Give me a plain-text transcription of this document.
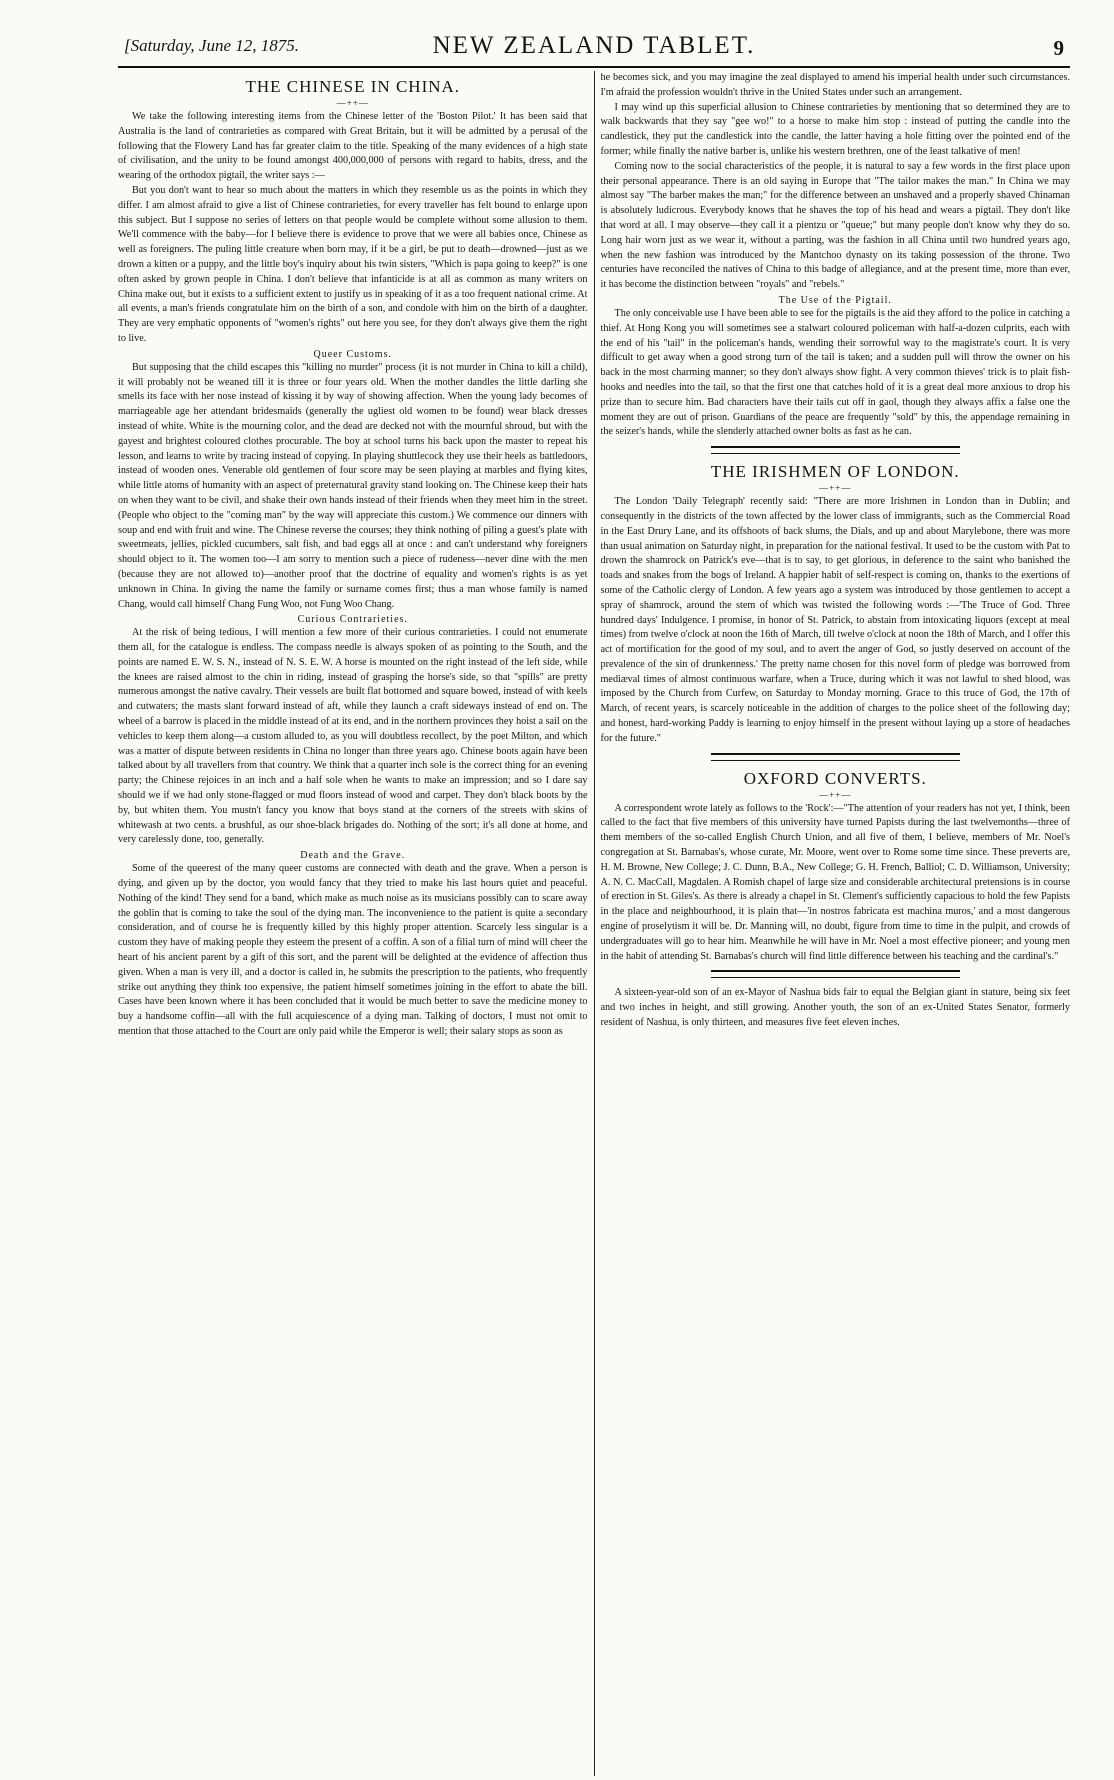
[Saturday, June 12, 1875.	NEW ZEALAND TABLET.	9
THE CHINESE IN CHINA.
—++—

We take the following interesting items from the Chinese letter of the 'Boston Pilot.' It has been said that Australia is the land of contrarieties as compared with Great Britain, but it will be admitted by a perusal of the following that the Flowery Land has far greater claim to the title. Speaking of the many evidences of a high state of civilisation, and the unity to be found amongst 400,000,000 of persons with regard to habits, dress, and the wearing of the orthodox pigtail, the writer says :—

But you don't want to hear so much about the matters in which they resemble us as the points in which they differ. I am almost afraid to give a list of Chinese contrarieties, for every traveller has felt bound to enlarge upon this subject. But I suppose no series of letters on that people would be complete without some allusion to them. We'll commence with the baby—for I believe there is evidence to prove that we were all babies once, Chinese as well as foreigners. The puling little creature when born may, if it be a girl, be put to death—drowned—just as we drown a kitten or a puppy, and the little boy's inquiry about his twin sisters, "Which is papa going to keep?" is one often asked by grown people in China. I don't believe that infanticide is at all as common as many writers on China make out, but it exists to a sufficient extent to justify us in speaking of it as a too frequent national crime. At all events, a man's friends congratulate him on the birth of a son, and condole with him on the birth of a daughter. They are very emphatic opponents of "women's rights" out here you see, for they don't always give them the right to live.

Queer Customs.

But supposing that the child escapes this "killing no murder" process (it is not murder in China to kill a child), it will probably not be weaned till it is three or four years old. When the mother dandles the little darling she smells its face with her nose instead of kissing it by way of showing affection. When the young lady becomes of marriageable age her attendant bridesmaids (generally the ugliest old women to be found) wear black dresses instead of white. White is the mourning color, and the dead are decked not with the mournful shroud, but with the gayest and brightest coloured clothes procurable. The boy at school turns his back upon the master to repeat his lesson, and learns to write by tracing instead of copying. In playing shuttlecock they use their heels as battledoors, instead of wooden ones. Venerable old gentlemen of four score may be seen playing at marbles and flying kites, while little atoms of humanity with an aspect of preternatural gravity stand looking on. The Chinese keep their hats on when they want to be civil, and shake their own hands instead of their friends when they meet him in the street. (People who object to the "coming man" by the way will appreciate this custom.) We commence our dinners with soup and end with fruit and wine. The Chinese reverse the courses; they think nothing of piling a guest's plate with sweetmeats, jellies, pickled cucumbers, salt fish, and bad eggs all at once : and can't understand why foreigners should object to it. The women too—I am sorry to mention such a piece of rudeness—never dine with the men (because they are not allowed to)—another proof that the doctrine of equality and women's rights is as yet unknown in China. In giving the name the family or surname comes first; thus a man whose family is named Chang, would call himself Chang Fung Woo, not Fung Woo Chang.

Curious Contrarieties.

At the risk of being tedious, I will mention a few more of their curious contrarieties. I could not enumerate them all, for the catalogue is endless. The compass needle is always spoken of as pointing to the South, and the points are named E. W. S. N., instead of N. S. E. W. A horse is mounted on the right instead of the left side, while the knees are raised almost to the chin in riding, instead of grasping the horse's side, so that "spills" are pretty numerous amongst the native cavalry. Their vessels are built flat bottomed and square bowed, instead of with keels and cutwaters; the masts slant forward instead of aft, while they launch a craft sideways instead of end on. The wheel of a barrow is placed in the middle instead of at its end, and in the northern provinces they hoist a sail on the vehicles to keep them along—a custom alluded to, as you will doubtless recollect, by the poet Milton, and which was a matter of dispute between residents in China no longer than three years ago. Chinese boots again have been talked about by all travellers from that country. We think that a quarter inch sole is the correct thing for an evening party; the Chinese rejoices in an inch and a half sole when he wants to make an impression; and so I dare say should we if we had only stone-flagged or mud floors instead of wood and carpet. They don't black boots by the by, but whiten them. You mustn't fancy you know that boys stand at the corners of the streets with skins of whitewash at two cents. a brushful, as our shoe-black brigades do. Nothing of the sort; it's all done at home, and very carelessly done, too, generally.

Death and the Grave.

Some of the queerest of the many queer customs are connected with death and the grave. When a person is dying, and given up by the doctor, you would fancy that they tried to make his last hours quiet and peaceful. Nothing of the kind! They send for a band, which make as much noise as its musicians possibly can to scare away the goblin that is coming to take the soul of the dying man. The inconvenience to the patient is quite a secondary consideration, and of course he is frequently killed by this highly proper attention. Scarcely less singular is a custom they have of making people they esteem the present of a coffin. A son of a filial turn of mind will cheer the heart of his ancient parent by a gift of this sort, and the parent will be delighted at the evidence of affection thus given. When a man is very ill, and a doctor is called in, he submits the prescription to the patients, who frequently strike out anything they think too expensive, the patient himself sometimes joining in the effort to abate the bill. Cases have been known where it has been concluded that it would be much better to save the medicine money to buy a handsome coffin—all with the full acquiescence of a dying man. Talking of doctors, I must not omit to mention that those attached to the Court are only paid while the Emperor is well; their salary stops as soon as

he becomes sick, and you may imagine the zeal displayed to amend his imperial health under such circumstances. I'm afraid the profession wouldn't thrive in the United States under such an arrangement.

I may wind up this superficial allusion to Chinese contrarieties by mentioning that so determined they are to walk backwards that they say "gee wo!" to a horse to make him stop : instead of putting the candle into the candlestick, they put the candlestick into the candle, the latter having a hole fitting over the pointed end of the former; while finally the native barber is, unlike his western brethren, one of the least talkative of men!

Coming now to the social characteristics of the people, it is natural to say a few words in the first place upon their personal appearance. There is an old saying in Europe that "The tailor makes the man." In China we may almost say "The barber makes the man;" for the difference between an unshaved and a properly shaved Chinaman is absolutely ludicrous. Everybody knows that he shaves the top of his head and wears a pigtail. They don't like that word at all. I may observe—they call it a pientzu or "queue;" but many people don't know why they do so. Long hair worn just as we wear it, without a parting, was the fashion in all China until two hundred years ago, when the new fashion was introduced by the Mantchoo dynasty on its taking possession of the throne. Two centuries have reconciled the natives of China to this badge of allegiance, and at the present time, more than ever, it has become the distinction between "royals" and "rebels."

The Use of the Pigtail.

The only conceivable use I have been able to see for the pigtails is the aid they afford to the police in catching a thief. At Hong Kong you will sometimes see a stalwart coloured policeman with half-a-dozen culprits, each with the end of his "tail" in the policeman's hands, wending their sorrowful way to the magistrate's court. It is very difficult to get away when a good strong turn of the tail is taken; and a sudden pull will throw the owner on his back in the most charming manner; so they don't always show fight. A very common thieves' trick is to plait fish-hooks and needles into the tail, so that the first one that catches hold of it is a great deal more anxious to drop his prize than to secure him. Bad characters have their tails cut off in gaol, though they always affix a false one the moment they are out of prison. Guardians of the peace are frequently "sold" by this, the appendage remaining in the seizer's hands, while the slenderly attached owner bolts as fast as he can.

THE IRISHMEN OF LONDON.
—++—

The London 'Daily Telegraph' recently said: "There are more Irishmen in London than in Dublin; and consequently in the districts of the town affected by the lower class of immigrants, such as the Commercial Road in the East Drury Lane, and its offshoots of back slums, the Dials, and up and about Marylebone, there was more than usual animation on Saturday night, in preparation for the national festival. It used to be the custom with Pat to drown the shamrock on Patrick's eve—that is to say, to get glorious, in deference to the saint who banished the toads and snakes from the bogs of Ireland. A happier habit of self-respect is coming on, thanks to the exertions of some of the Catholic clergy of London. A few years ago a system was introduced by those gentlemen to accept a spray of shamrock, around the stem of which was twisted the following words :—'The Truce of God. Three hundred days' Indulgence. I promise, in honor of St. Patrick, to abstain from intoxicating liquors (except at meal times) from twelve o'clock at noon the 16th of March, till twelve o'clock at noon the 18th of March, and I offer this act of mortification for the good of my soul, and to avert the anger of God, so justly deserved on account of the prevalence of the sin of drunkenness.' The pretty name chosen for this novel form of pledge was borrowed from mediæval times of almost continuous warfare, when a Truce, during which it was not lawful to shed blood, was imposed by the Church from Curfew, on Saturday to Monday morning. Grace to this truce of God, the 17th of March, of recent years, is scarcely noticeable in the addition of charges to the police sheet of the following day; and honest, hard-working Paddy is learning to enjoy himself in the present without laying up a store of headaches for the future."

OXFORD CONVERTS.
—++—

A correspondent wrote lately as follows to the 'Rock':—"The attention of your readers has not yet, I think, been called to the fact that five members of this university have turned Papists during the last twelvemonths—three of them members of the so-called English Church Union, and all five of them, I believe, members of Mr. Noel's congregation at St. Barnabas's, whose curate, Mr. Moore, went over to Rome some time since. These preverts are, H. M. Browne, New College; J. C. Dunn, B.A., New College; G. H. French, Balliol; C. D. Williamson, University; A. N. C. MacCall, Magdalen. A Romish chapel of large size and considerable architectural pretensions is in course of erection in St. Giles's. As there is already a chapel in St. Clement's sufficiently capacious to hold the few Papists in the place and neighbourhood, it is plain that—'in nostros fabricata est machina muros,' and a most dangerous engine of proselytism it will be. Dr. Manning will, no doubt, figure from time to time in the pulpit, and crowds of undergraduates will go to hear him. Meanwhile he will have in Mr. Noel a most effective pioneer; and young men in the habit of attending St. Barnabas's church will find little difference between his teaching and the cardinal's."

A sixteen-year-old son of an ex-Mayor of Nashua bids fair to equal the Belgian giant in stature, being six feet and two inches in height, and still growing. Another youth, the son of an ex-United States Senator, formerly resident of Nashua, is only thirteen, and measures five feet eleven inches.
